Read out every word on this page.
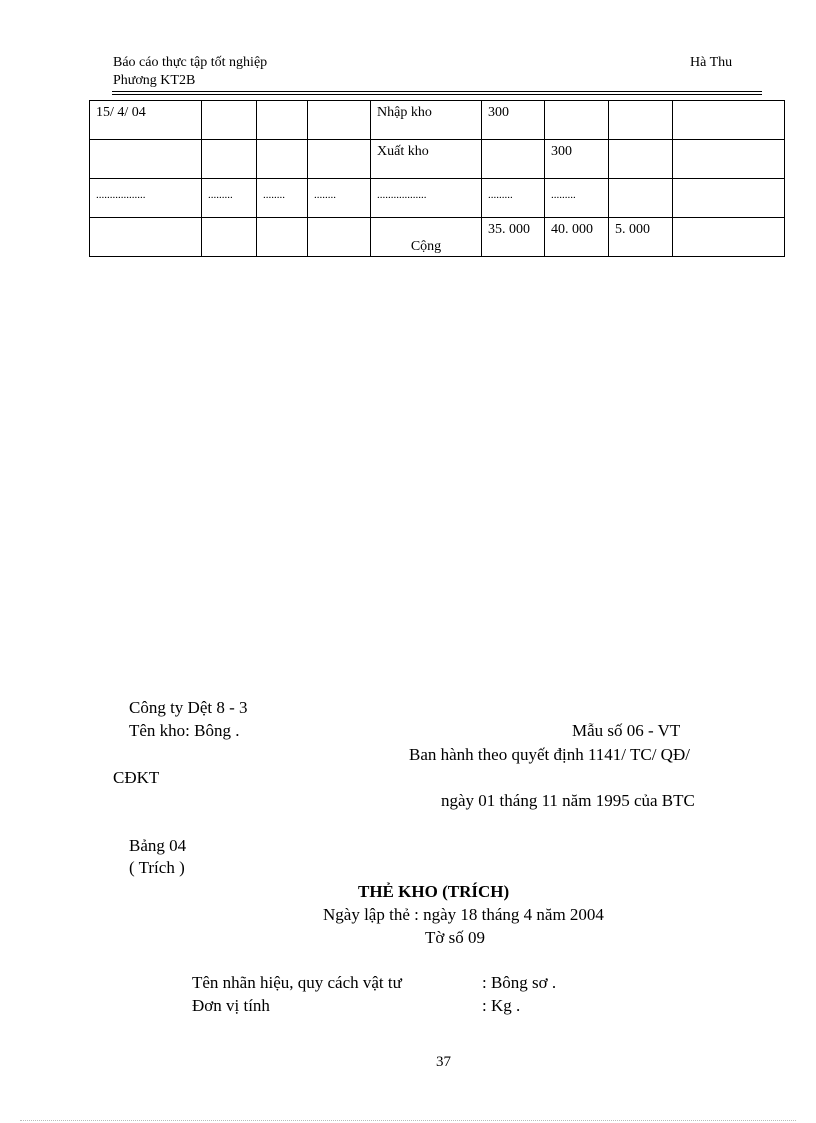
Báo cáo thực tập tốt nghiệp
Phương KT2B
Hà Thu
15/ 4/ 04				Nhập kho	300			
				Xuất kho		300		
..................	.........	........	........	..................	.........	.........		
				Cộng	35. 000	40. 000	5. 000	
Công ty Dệt 8 - 3
Tên kho: Bông .	Mẫu số 06 - VT
Ban hành theo quyết định 1141/ TC/ QĐ/
CĐKT
ngày 01 tháng 11 năm 1995 của BTC
Bảng 04
( Trích )
THẺ KHO (TRÍCH)
Ngày lập thẻ : ngày 18 tháng 4 năm 2004
Tờ số 09
Tên nhãn hiệu, quy cách vật tư	: Bông sơ .
Đơn vị tính	: Kg .
37
